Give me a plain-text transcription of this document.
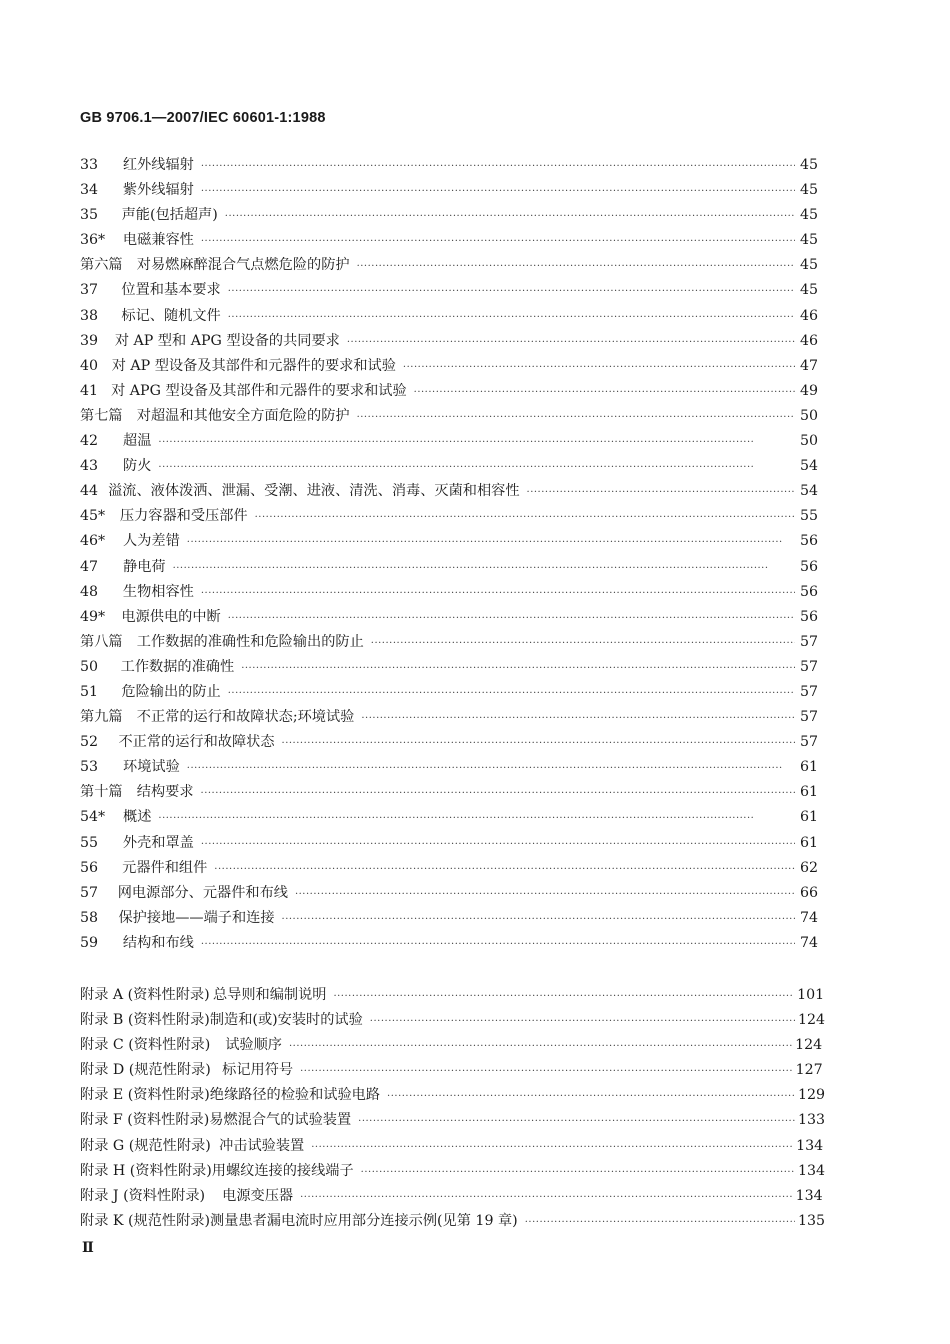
GB 9706.1—2007/IEC 60601-1:1988
33	红外线辐射 ·····	45
34	紫外线辐射 ·····	45
35	声能(包括超声) ·····	45
36*	电磁兼容性 ·····	45
第六篇　对易燃麻醉混合气点燃危险的防护 ·····	45
37	位置和基本要求 ·····	45
38	标记、随机文件 ·····	46
39	对 AP 型和 APG 型设备的共同要求 ·····	46
40 对 AP 型设备及其部件和元器件的要求和试验 ·····	47
41 对 APG 型设备及其部件和元器件的要求和试验 ·····	49
第七篇　对超温和其他安全方面危险的防护 ·····	50
42	超温 ·····	50
43	防火 ·····	54
44 溢流、液体泼洒、泄漏、受潮、进液、清洗、消毒、灭菌和相容性 ·····	54
45*	压力容器和受压部件 ·····	55
46*	人为差错 ·····	56
47	静电荷 ·····	56
48	生物相容性 ·····	56
49*	电源供电的中断 ·····	56
第八篇　工作数据的准确性和危险输出的防止 ·····	57
50	工作数据的准确性 ·····	57
51	危险输出的防止 ·····	57
第九篇　不正常的运行和故障状态;环境试验 ·····	57
52	不正常的运行和故障状态 ·····	57
53	环境试验 ·····	61
第十篇　结构要求 ·····	61
54*	概述 ·····	61
55	外壳和罩盖 ·····	61
56	元器件和组件 ·····	62
57	网电源部分、元器件和布线 ·····	66
58	保护接地——端子和连接 ·····	74
59	结构和布线 ·····	74
附录 A (资料性附录) 总导则和编制说明 ·····	101
附录 B (资料性附录) 制造和(或)安装时的试验 ·····	124
附录 C (资料性附录)	试验顺序 ·····	124
附录 D (规范性附录) 标记用符号 ·····	127
附录 E (资料性附录) 绝缘路径的检验和试验电路 ·····	129
附录 F (资料性附录) 易燃混合气的试验装置 ·····	133
附录 G (规范性附录) 冲击试验装置 ·····	134
附录 H (资料性附录) 用螺纹连接的接线端子 ·····	134
附录 J (资料性附录)	电源变压器 ·····	134
附录 K (规范性附录) 测量患者漏电流时应用部分连接示例(见第 19 章) ·····	135
Ⅱ
